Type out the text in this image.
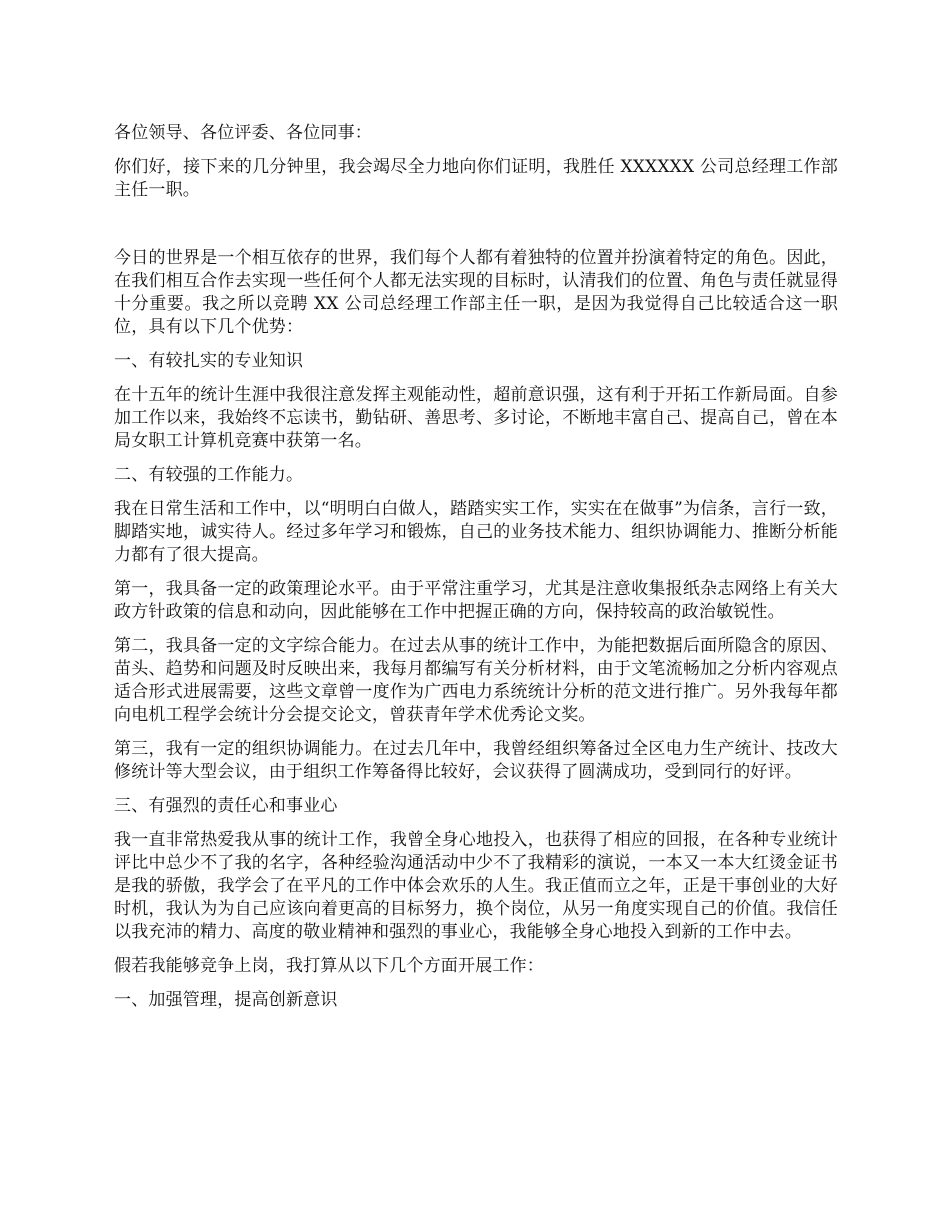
各位领导、各位评委、各位同事：

你们好，接下来的几分钟里，我会竭尽全力地向你们证明，我胜任 XXXXXX 公司总经理工作部主任一职。

今日的世界是一个相互依存的世界，我们每个人都有着独特的位置并扮演着特定的角色。因此，在我们相互合作去实现一些任何个人都无法实现的目标时，认清我们的位置、角色与责任就显得十分重要。我之所以竞聘 XX 公司总经理工作部主任一职，是因为我觉得自己比较适合这一职位，具有以下几个优势：

一、有较扎实的专业知识

在十五年的统计生涯中我很注意发挥主观能动性，超前意识强，这有利于开拓工作新局面。自参加工作以来，我始终不忘读书，勤钻研、善思考、多讨论，不断地丰富自己、提高自己，曾在本局女职工计算机竞赛中获第一名。

二、有较强的工作能力。

我在日常生活和工作中，以“明明白白做人，踏踏实实工作，实实在在做事”为信条，言行一致，脚踏实地，诚实待人。经过多年学习和锻炼，自己的业务技术能力、组织协调能力、推断分析能力都有了很大提高。

第一，我具备一定的政策理论水平。由于平常注重学习，尤其是注意收集报纸杂志网络上有关大政方针政策的信息和动向，因此能够在工作中把握正确的方向，保持较高的政治敏锐性。

第二，我具备一定的文字综合能力。在过去从事的统计工作中，为能把数据后面所隐含的原因、苗头、趋势和问题及时反映出来，我每月都编写有关分析材料，由于文笔流畅加之分析内容观点适合形式进展需要，这些文章曾一度作为广西电力系统统计分析的范文进行推广。另外我每年都向电机工程学会统计分会提交论文，曾获青年学术优秀论文奖。

第三，我有一定的组织协调能力。在过去几年中，我曾经组织筹备过全区电力生产统计、技改大修统计等大型会议，由于组织工作筹备得比较好，会议获得了圆满成功，受到同行的好评。

三、有强烈的责任心和事业心

我一直非常热爱我从事的统计工作，我曾全身心地投入，也获得了相应的回报，在各种专业统计评比中总少不了我的名字，各种经验沟通活动中少不了我精彩的演说，一本又一本大红烫金证书是我的骄傲，我学会了在平凡的工作中体会欢乐的人生。我正值而立之年，正是干事创业的大好时机，我认为为自己应该向着更高的目标努力，换个岗位，从另一角度实现自己的价值。我信任以我充沛的精力、高度的敬业精神和强烈的事业心，我能够全身心地投入到新的工作中去。

假若我能够竞争上岗，我打算从以下几个方面开展工作：

一、加强管理，提高创新意识
